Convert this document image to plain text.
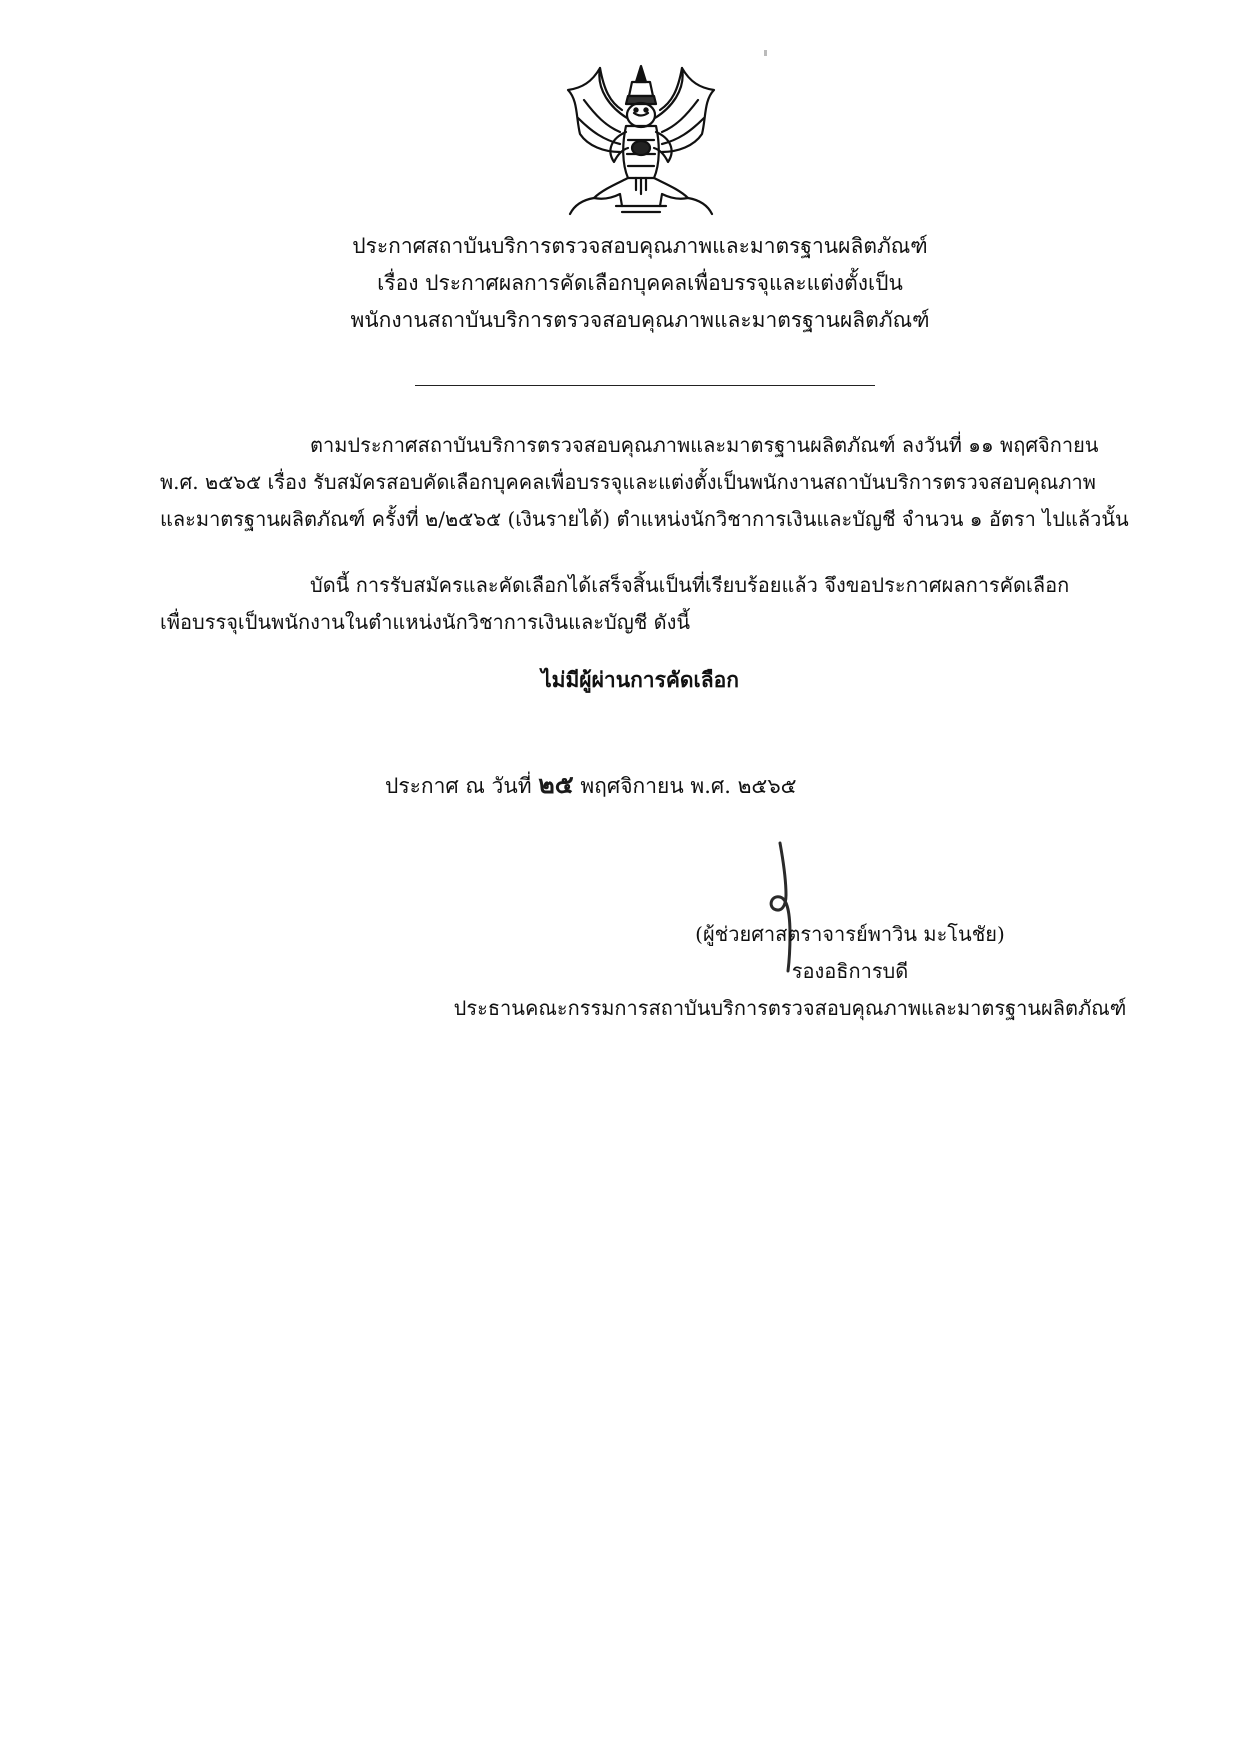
ประกาศสถาบันบริการตรวจสอบคุณภาพและมาตรฐานผลิตภัณฑ์
เรื่อง ประกาศผลการคัดเลือกบุคคลเพื่อบรรจุและแต่งตั้งเป็น
พนักงานสถาบันบริการตรวจสอบคุณภาพและมาตรฐานผลิตภัณฑ์
ตามประกาศสถาบันบริการตรวจสอบคุณภาพและมาตรฐานผลิตภัณฑ์ ลงวันที่ ๑๑ พฤศจิกายน
พ.ศ. ๒๕๖๕ เรื่อง รับสมัครสอบคัดเลือกบุคคลเพื่อบรรจุและแต่งตั้งเป็นพนักงานสถาบันบริการตรวจสอบคุณภาพ
และมาตรฐานผลิตภัณฑ์ ครั้งที่ ๒/๒๕๖๕ (เงินรายได้) ตำแหน่งนักวิชาการเงินและบัญชี จำนวน ๑ อัตรา ไปแล้วนั้น
บัดนี้ การรับสมัครและคัดเลือกได้เสร็จสิ้นเป็นที่เรียบร้อยแล้ว จึงขอประกาศผลการคัดเลือก
เพื่อบรรจุเป็นพนักงานในตำแหน่งนักวิชาการเงินและบัญชี ดังนี้
ไม่มีผู้ผ่านการคัดเลือก
ประกาศ ณ วันที่ ๒๕ พฤศจิกายน พ.ศ. ๒๕๖๕
(ผู้ช่วยศาสตราจารย์พาวิน มะโนชัย)
รองอธิการบดี
ประธานคณะกรรมการสถาบันบริการตรวจสอบคุณภาพและมาตรฐานผลิตภัณฑ์
